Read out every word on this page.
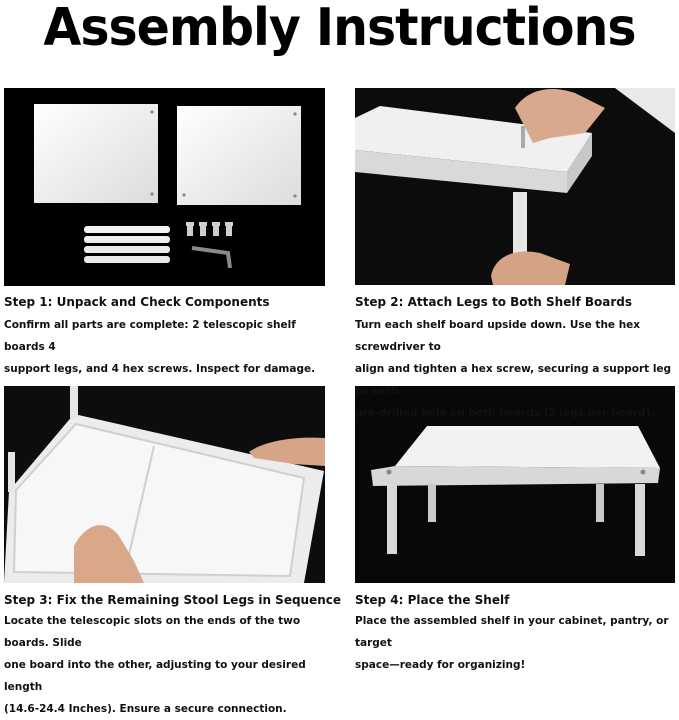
Assembly Instructions
Step 1: Unpack and Check Components
Confirm all parts are complete: 2 telescopic shelf boards 4
support legs, and 4 hex screws. Inspect for damage.
Step 2: Attach Legs to Both Shelf Boards
Turn each shelf board upside down. Use the hex screwdriver to
align and tighten a hex screw, securing a support leg to each
pre-drilled hole on both boards (2 legs per board).
Step 3: Fix the Remaining Stool Legs in Sequence
Locate the telescopic slots on the ends of the two boards. Slide
one board into the other, adjusting to your desired length
(14.6-24.4 Inches). Ensure a secure connection.
Step 4: Place the Shelf
Place the assembled shelf in your cabinet, pantry, or target
space—ready for organizing!
